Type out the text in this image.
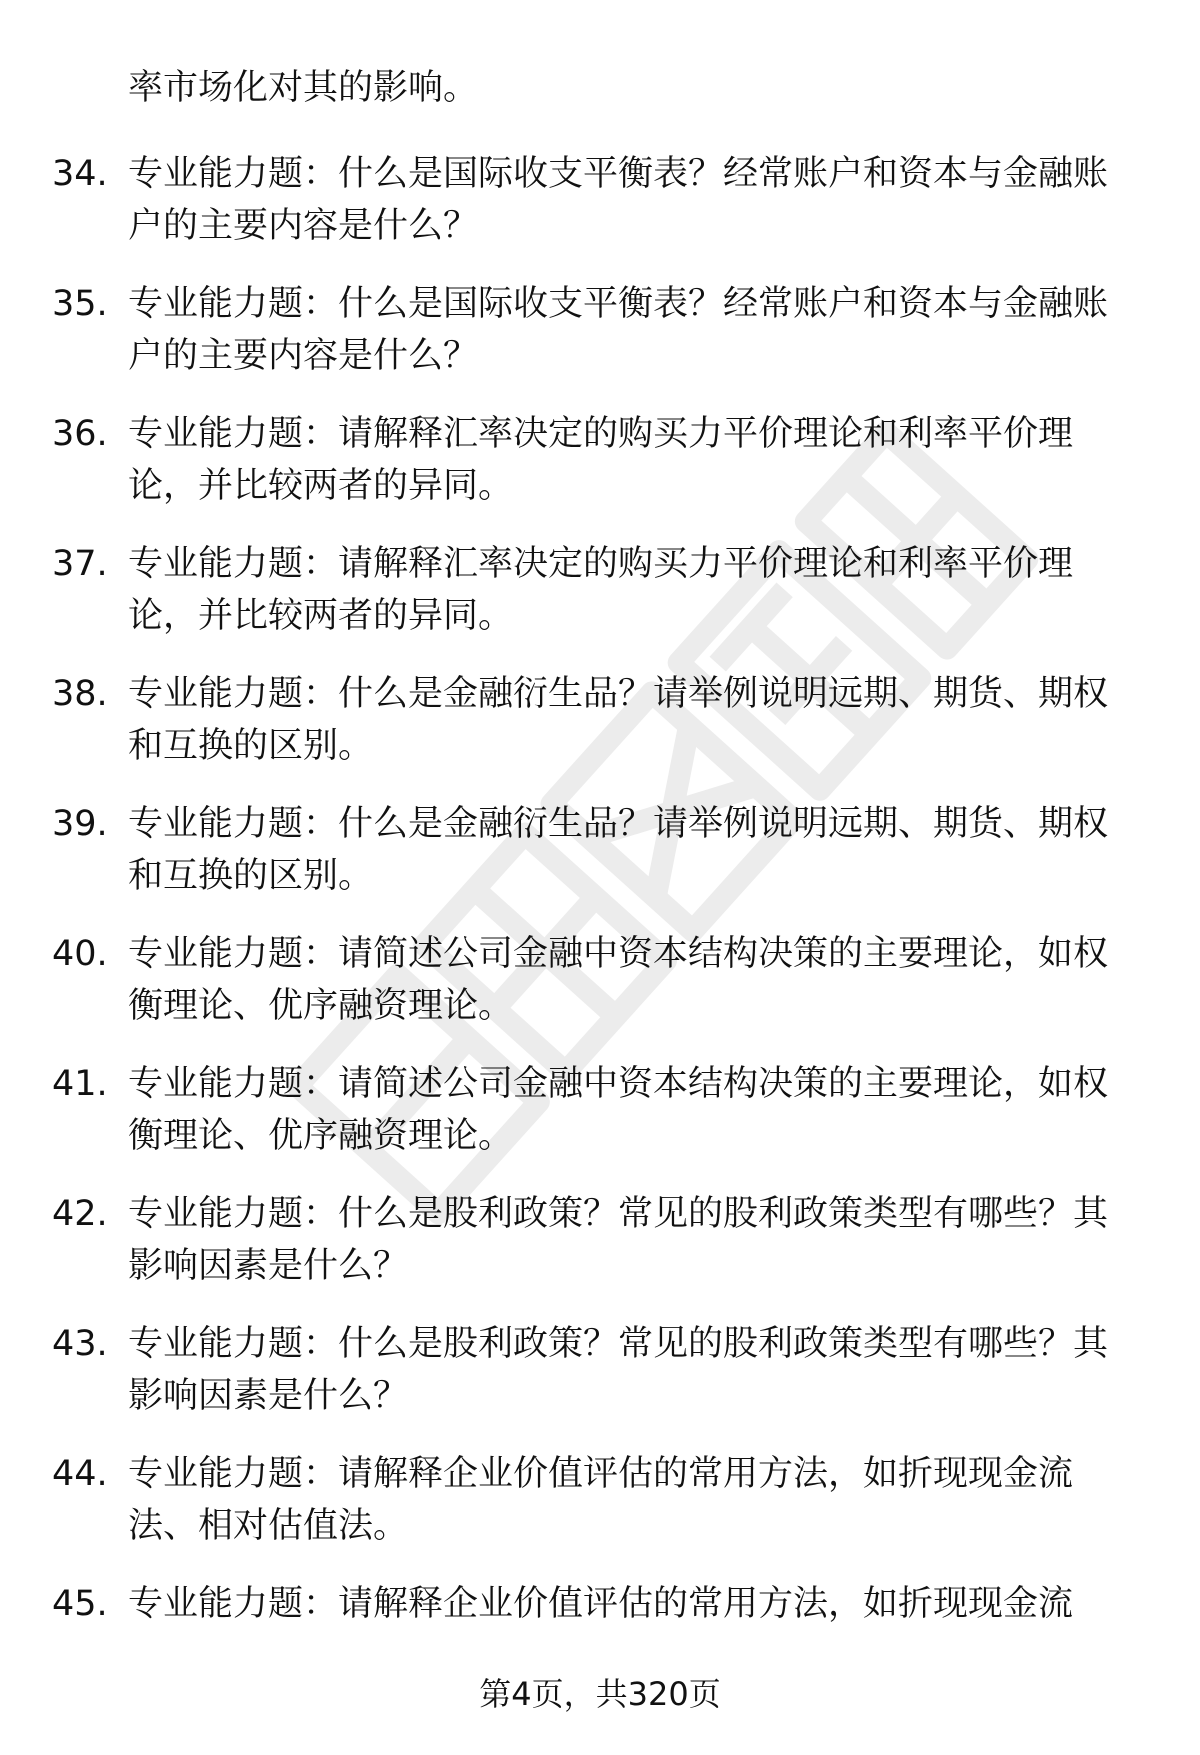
率市场化对其的影响。
34. 专业能力题：什么是国际收支平衡表？经常账户和资本与金融账
户的主要内容是什么？
35. 专业能力题：什么是国际收支平衡表？经常账户和资本与金融账
户的主要内容是什么？
36. 专业能力题：请解释汇率决定的购买力平价理论和利率平价理
论，并比较两者的异同。
37. 专业能力题：请解释汇率决定的购买力平价理论和利率平价理
论，并比较两者的异同。
38. 专业能力题：什么是金融衍生品？请举例说明远期、期货、期权
和互换的区别。
39. 专业能力题：什么是金融衍生品？请举例说明远期、期货、期权
和互换的区别。
40. 专业能力题：请简述公司金融中资本结构决策的主要理论，如权
衡理论、优序融资理论。
41. 专业能力题：请简述公司金融中资本结构决策的主要理论，如权
衡理论、优序融资理论。
42. 专业能力题：什么是股利政策？常见的股利政策类型有哪些？其
影响因素是什么？
43. 专业能力题：什么是股利政策？常见的股利政策类型有哪些？其
影响因素是什么？
44. 专业能力题：请解释企业价值评估的常用方法，如折现现金流
法、相对估值法。
45. 专业能力题：请解释企业价值评估的常用方法，如折现现金流
第4页，共320页
